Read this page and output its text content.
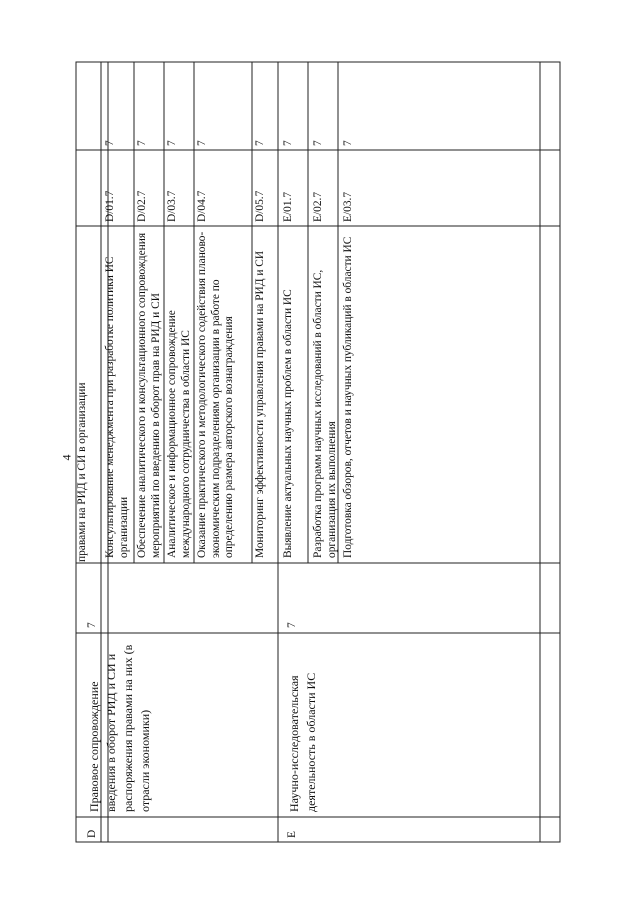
4 правами на РИД и СИ в организации
D
Правовое сопровождение введения в оборот РИД и СИ и распоряжения правами на них (в отрасли экономики)
7
Консультирование менеджмента при разработке политики ИС организации
D/01.7
7
Обеспечение аналитического и консультационного сопровождения мероприятий по введению в оборот прав на РИД и СИ
D/02.7
7
Аналитическое и информационное сопровождение международного сотрудничества в области ИС
D/03.7
7
Оказание практического и методологического содействия планово-экономическим подразделениям организации в работе по определению размера авторского вознаграждения
D/04.7
7
Мониторинг эффективности управления правами на РИД и СИ
D/05.7
7
E
Научно-исследовательская деятельность в области ИС
7
Выявление актуальных научных проблем в области ИС
E/01.7
7
Разработка программ научных исследований в области ИС, организация их выполнения
E/02.7
7
Подготовка обзоров, отчетов и научных публикаций в области ИС
E/03.7
7
